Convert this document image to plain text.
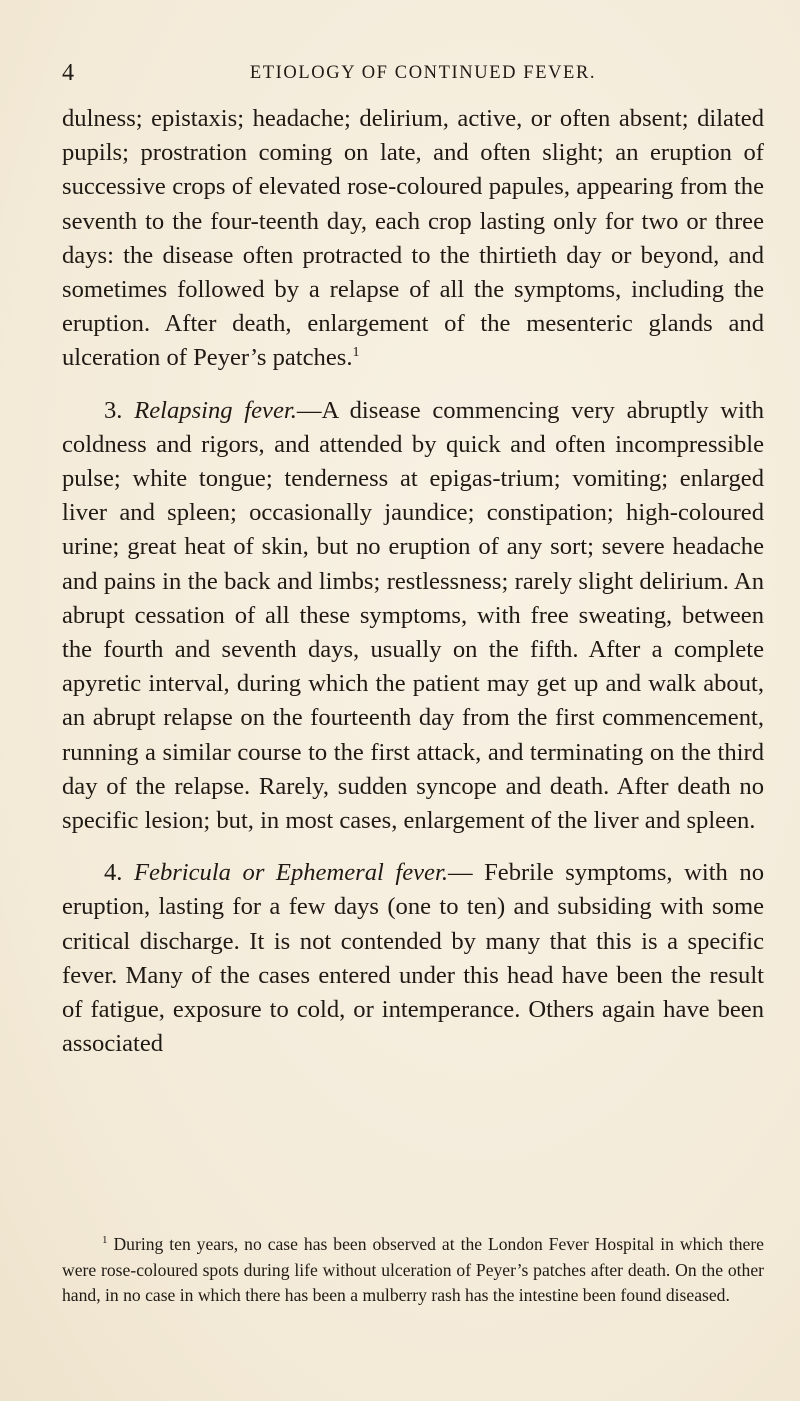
4	ETIOLOGY OF CONTINUED FEVER.

dulness; epistaxis; headache; delirium, active, or often absent; dilated pupils; prostration coming on late, and often slight; an eruption of successive crops of elevated rose-coloured papules, appearing from the seventh to the four-teenth day, each crop lasting only for two or three days: the disease often protracted to the thirtieth day or beyond, and sometimes followed by a relapse of all the symptoms, including the eruption. After death, enlargement of the mesenteric glands and ulceration of Peyer’s patches.$^1$

3. Relapsing fever.—A disease commencing very abruptly with coldness and rigors, and attended by quick and often incompressible pulse; white tongue; tenderness at epigas-trium; vomiting; enlarged liver and spleen; occasionally jaundice; constipation; high-coloured urine; great heat of skin, but no eruption of any sort; severe headache and pains in the back and limbs; restlessness; rarely slight delirium. An abrupt cessation of all these symptoms, with free sweating, between the fourth and seventh days, usually on the fifth. After a complete apyretic interval, during which the patient may get up and walk about, an abrupt relapse on the fourteenth day from the first commencement, running a similar course to the first attack, and terminating on the third day of the relapse. Rarely, sudden syncope and death. After death no specific lesion; but, in most cases, enlargement of the liver and spleen.

4. Febricula or Ephemeral fever.— Febrile symptoms, with no eruption, lasting for a few days (one to ten) and subsiding with some critical discharge. It is not contended by many that this is a specific fever. Many of the cases entered under this head have been the result of fatigue, exposure to cold, or intemperance. Others again have been associated

$^1$ During ten years, no case has been observed at the London Fever Hospital in which there were rose-coloured spots during life without ulceration of Peyer’s patches after death. On the other hand, in no case in which there has been a mulberry rash has the intestine been found diseased.
